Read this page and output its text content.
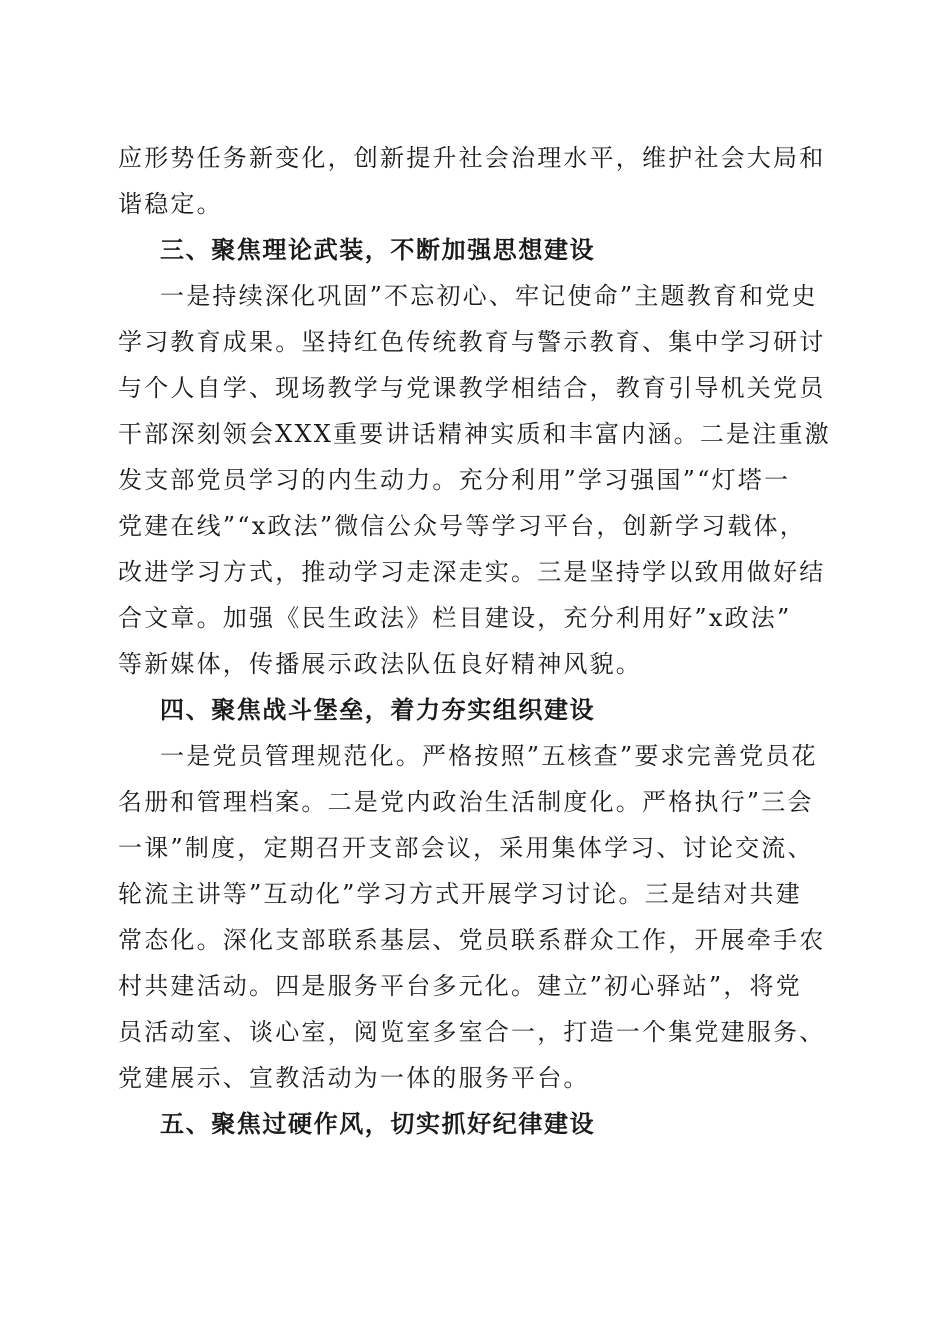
应形势任务新变化，创新提升社会治理水平，维护社会大局和
谐稳定。
三、聚焦理论武装，不断加强思想建设
一是持续深化巩固”不忘初心、牢记使命”主题教育和党史
学习教育成果。坚持红色传统教育与警示教育、集中学习研讨
与个人自学、现场教学与党课教学相结合，教育引导机关党员
干部深刻领会XXX重要讲话精神实质和丰富内涵。二是注重激
发支部党员学习的内生动力。充分利用”学习强国”“灯塔一
党建在线”“x政法”微信公众号等学习平台，创新学习载体，
改进学习方式，推动学习走深走实。三是坚持学以致用做好结
合文章。加强《民生政法》栏目建设，充分利用好”x政法”
等新媒体，传播展示政法队伍良好精神风貌。
四、聚焦战斗堡垒，着力夯实组织建设
一是党员管理规范化。严格按照”五核查”要求完善党员花
名册和管理档案。二是党内政治生活制度化。严格执行”三会
一课”制度，定期召开支部会议，采用集体学习、讨论交流、
轮流主讲等”互动化”学习方式开展学习讨论。三是结对共建
常态化。深化支部联系基层、党员联系群众工作，开展牵手农
村共建活动。四是服务平台多元化。建立”初心驿站”，将党
员活动室、谈心室，阅览室多室合一，打造一个集党建服务、
党建展示、宣教活动为一体的服务平台。
五、聚焦过硬作风，切实抓好纪律建设
